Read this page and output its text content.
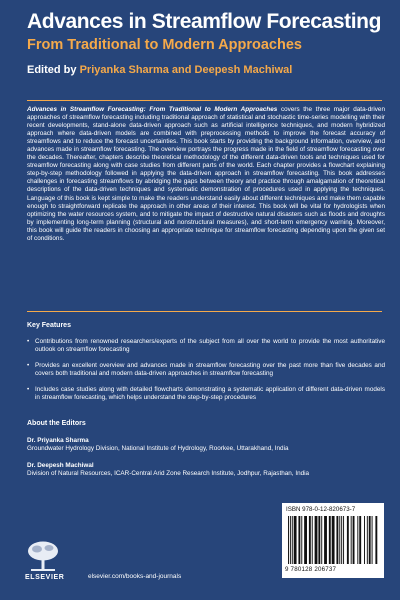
Advances in Streamflow Forecasting
From Traditional to Modern Approaches
Edited by Priyanka Sharma and Deepesh Machiwal

Advances in Streamflow Forecasting: From Traditional to Modern Approaches covers the three major data-driven approaches of streamflow forecasting including traditional approach of statistical and stochastic time-series modelling with their recent developments, stand-alone data-driven approach such as artificial intelligence techniques, and modern hybridized approach where data-driven models are combined with preprocessing methods to improve the forecast accuracy of streamflows and to reduce the forecast uncertainties. This book starts by providing the background information, overview, and advances made in streamflow forecasting. The overview portrays the progress made in the field of streamflow forecasting over the decades. Thereafter, chapters describe theoretical methodology of the different data-driven tools and techniques used for streamflow forecasting along with case studies from different parts of the world. Each chapter provides a flowchart explaining step-by-step methodology followed in applying the data-driven approach in streamflow forecasting. This book addresses challenges in forecasting streamflows by abridging the gaps between theory and practice through amalgamation of theoretical descriptions of the data-driven techniques and systematic demonstration of procedures used in applying the techniques. Language of this book is kept simple to make the readers understand easily about different techniques and make them capable enough to straightforward replicate the approach in other areas of their interest. This book will be vital for hydrologists when optimizing the water resources system, and to mitigate the impact of destructive natural disasters such as floods and droughts by implementing long-term planning (structural and nonstructural measures), and short-term emergency warning. Moreover, this book will guide the readers in choosing an appropriate technique for streamflow forecasting depending upon the given set of conditions.

Key Features
• Contributions from renowned researchers/experts of the subject from all over the world to provide the most authoritative outlook on streamflow forecasting
• Provides an excellent overview and advances made in streamflow forecasting over the past more than five decades and covers both traditional and modern data-driven approaches in streamflow forecasting
• Includes case studies along with detailed flowcharts demonstrating a systematic application of different data-driven models in streamflow forecasting, which helps understand the step-by-step procedures
About the Editors
Dr. Priyanka Sharma
Groundwater Hydrology Division, National Institute of Hydrology, Roorkee, Uttarakhand, India
Dr. Deepesh Machiwal
Division of Natural Resources, ICAR-Central Arid Zone Research Institute, Jodhpur, Rajasthan, India
ELSEVIER	elsevier.com/books-and-journals
ISBN 978-0-12-820673-7
9 780128 206737
